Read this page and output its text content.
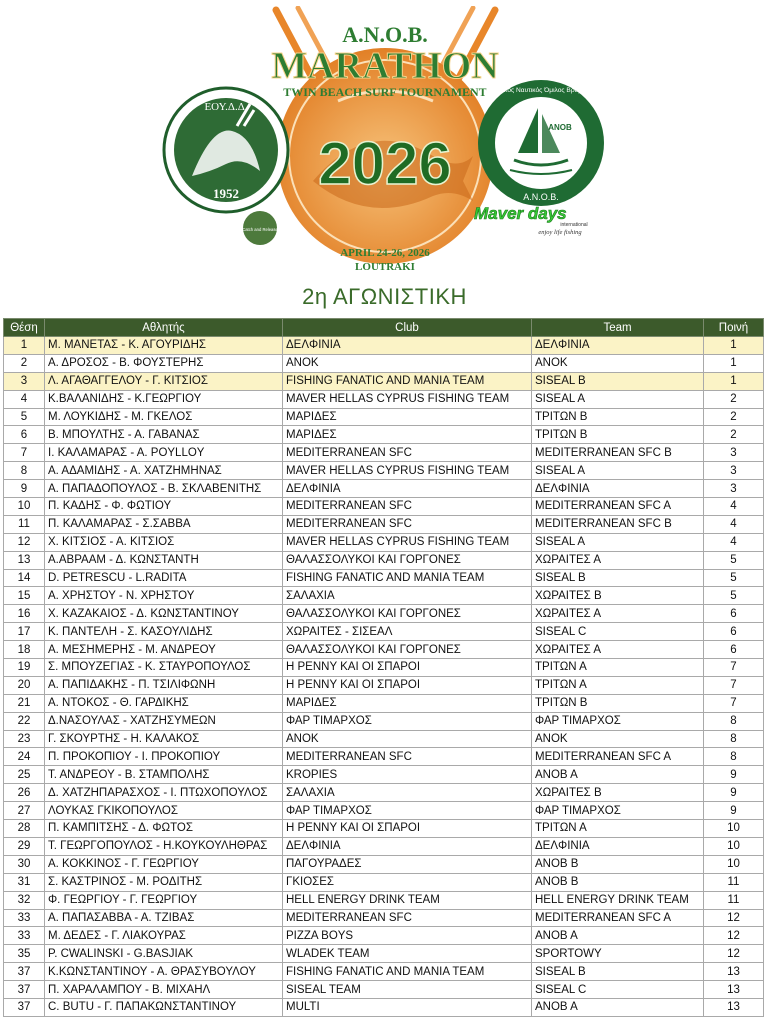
A.N.O.B.
MARATHON
TWIN BEACH SURF TOURNAMENT
2026
APRIL 24-26, 2026
LOUTRAKI
ΕΟΥ.Δ.Δ.
1952
Catch and Release
Αθλητικός Ναυτικός Όμιλος Βραχατίου
ANOB
Α.Ν.Ο.Β.
Maver days
international
enjoy life fishing
2η ΑΓΩΝΙΣΤΙΚΗ
Θέση	Αθλητής	Club	Team	Ποινή
1	Μ. ΜΑΝΕΤΑΣ - Κ. ΑΓΟΥΡΙΔΗΣ	ΔΕΛΦΙΝΙΑ	ΔΕΛΦΙΝΙΑ	1
2	Α. ΔΡΟΣΟΣ - Β. ΦΟΥΣΤΕΡΗΣ	ΑΝΟΚ	ΑΝΟΚ	1
3	Λ. ΑΓΑΘΑΓΓΕΛΟΥ - Γ. ΚΙΤΣΙΟΣ	FISHING FANATIC AND MANIA TEAM	SISEAL B	1
4	Κ.ΒΑΛΑΝΙΔΗΣ - Κ.ΓΕΩΡΓΙΟΥ	MAVER HELLAS CYPRUS FISHING TEAM	SISEAL A	2
5	Μ. ΛΟΥΚΙΔΗΣ - Μ. ΓΚΕΛΟΣ	ΜΑΡΙΔΕΣ	ΤΡΙΤΩΝ Β	2
6	Β. ΜΠΟΥΛΤΗΣ - Α. ΓΑΒΑΝΑΣ	ΜΑΡΙΔΕΣ	ΤΡΙΤΩΝ Β	2
7	Ι. ΚΑΛΑΜΑΡΑΣ - Α. POYLLOY	MEDITERRANEAN SFC	MEDITERRANEAN SFC B	3
8	Α. ΑΔΑΜΙΔΗΣ - Α. ΧΑΤΖΗΜΗΝΑΣ	MAVER HELLAS CYPRUS FISHING TEAM	SISEAL A	3
9	Α. ΠΑΠΑΔΟΠΟΥΛΟΣ - Β. ΣΚΛΑΒΕΝΙΤΗΣ	ΔΕΛΦΙΝΙΑ	ΔΕΛΦΙΝΙΑ	3
10	Π. ΚΑΔΗΣ - Φ. ΦΩΤΙΟΥ	MEDITERRANEAN SFC	MEDITERRANEAN SFC A	4
11	Π. ΚΑΛΑΜΑΡΑΣ - Σ.ΣΑΒΒΑ	MEDITERRANEAN SFC	MEDITERRANEAN SFC B	4
12	Χ. ΚΙΤΣΙΟΣ - Α. ΚΙΤΣΙΟΣ	MAVER HELLAS CYPRUS FISHING TEAM	SISEAL A	4
13	Α.ΑΒΡΑΑΜ - Δ. ΚΩΝΣΤΑΝΤΗ	ΘΑΛΑΣΣΟΛΥΚΟΙ ΚΑΙ ΓΟΡΓΟΝΕΣ	ΧΩΡΑΙΤΕΣ Α	5
14	D. PETRESCU - L.RADITA	FISHING FANATIC AND MANIA TEAM	SISEAL B	5
15	Α. ΧΡΗΣΤΟΥ - Ν. ΧΡΗΣΤΟΥ	ΣΑΛΑΧΙΑ	ΧΩΡΑΙΤΕΣ Β	5
16	Χ. ΚΑΖΑΚΑΙΟΣ - Δ. ΚΩΝΣΤΑΝΤΙΝΟΥ	ΘΑΛΑΣΣΟΛΥΚΟΙ ΚΑΙ ΓΟΡΓΟΝΕΣ	ΧΩΡΑΙΤΕΣ Α	6
17	Κ. ΠΑΝΤΕΛΗ - Σ. ΚΑΣΟΥΛΙΔΗΣ	ΧΩΡΑΙΤΕΣ - ΣΙΣΕΑΛ	SISEAL C	6
18	Α. ΜΕΣΗΜΕΡΗΣ - Μ. ΑΝΔΡΕΟΥ	ΘΑΛΑΣΣΟΛΥΚΟΙ ΚΑΙ ΓΟΡΓΟΝΕΣ	ΧΩΡΑΙΤΕΣ Α	6
19	Σ. ΜΠΟΥΖΕΓΙΑΣ - Κ. ΣΤΑΥΡΟΠΟΥΛΟΣ	Η PENNY ΚΑΙ ΟΙ ΣΠΑΡΟΙ	ΤΡΙΤΩΝ Α	7
20	Α. ΠΑΠΙΔΑΚΗΣ - Π. ΤΣΙΛΙΦΩΝΗ	Η PENNY ΚΑΙ ΟΙ ΣΠΑΡΟΙ	ΤΡΙΤΩΝ Α	7
21	Α. ΝΤΟΚΟΣ - Θ. ΓΑΡΔΙΚΗΣ	ΜΑΡΙΔΕΣ	ΤΡΙΤΩΝ Β	7
22	Δ.ΝΑΣΟΥΛΑΣ - ΧΑΤΖΗΣΥΜΕΩΝ	ΦΑΡ ΤΙΜΑΡΧΟΣ	ΦΑΡ ΤΙΜΑΡΧΟΣ	8
23	Γ. ΣΚΟΥΡΤΗΣ - Η. ΚΑΛΑΚΟΣ	ΑΝΟΚ	ΑΝΟΚ	8
24	Π. ΠΡΟΚΟΠΙΟΥ - Ι. ΠΡΟΚΟΠΙΟΥ	MEDITERRANEAN SFC	MEDITERRANEAN SFC A	8
25	Τ. ΑΝΔΡΕΟΥ - Β. ΣΤΑΜΠΟΛΗΣ	KROPIES	ΑΝΟΒ Α	9
26	Δ. ΧΑΤΖΗΠΑΡΑΣΧΟΣ - Ι. ΠΤΩΧΟΠΟΥΛΟΣ	ΣΑΛΑΧΙΑ	ΧΩΡΑΙΤΕΣ Β	9
27	ΛΟΥΚΑΣ ΓΚΙΚΟΠΟΥΛΟΣ	ΦΑΡ ΤΙΜΑΡΧΟΣ	ΦΑΡ ΤΙΜΑΡΧΟΣ	9
28	Π. ΚΑΜΠΙΤΣΗΣ - Δ. ΦΩΤΟΣ	Η PENNY ΚΑΙ ΟΙ ΣΠΑΡΟΙ	ΤΡΙΤΩΝ Α	10
29	Τ. ΓΕΩΡΓΟΠΟΥΛΟΣ - Η.ΚΟΥΚΟΥΛΗΘΡΑΣ	ΔΕΛΦΙΝΙΑ	ΔΕΛΦΙΝΙΑ	10
30	Α. ΚΟΚΚΙΝΟΣ - Γ. ΓΕΩΡΓΙΟΥ	ΠΑΓΟΥΡΑΔΕΣ	ΑΝΟΒ Β	10
31	Σ. ΚΑΣΤΡΙΝΟΣ - Μ. ΡΟΔΙΤΗΣ	ΓΚΙΟΣΕΣ	ΑΝΟΒ Β	11
32	Φ. ΓΕΩΡΓΙΟΥ - Γ. ΓΕΩΡΓΙΟΥ	HELL ENERGY DRINK TEAM	HELL ENERGY DRINK TEAM	11
33	Α. ΠΑΠΑΣΑΒΒΑ - Α. ΤΖΙΒΑΣ	MEDITERRANEAN SFC	MEDITERRANEAN SFC A	12
33	Μ. ΔΕΔΕΣ - Γ. ΛΙΑΚΟΥΡΑΣ	PIZZA BOYS	ΑΝΟΒ Α	12
35	P. CWALINSKI - G.BASJIAK	WLADEK TEAM	SPORTOWY	12
37	Κ.ΚΩΝΣΤΑΝΤΙΝΟΥ - Α. ΘΡΑΣΥΒΟΥΛΟΥ	FISHING FANATIC AND MANIA TEAM	SISEAL B	13
37	Π. ΧΑΡΑΛΑΜΠΟΥ - Β. ΜΙΧΑΗΛ	SISEAL TEAM	SISEAL C	13
37	C. BUTU - Γ. ΠΑΠΑΚΩΝΣΤΑΝΤΙΝΟΥ	MULTI	ΑΝΟΒ Α	13
